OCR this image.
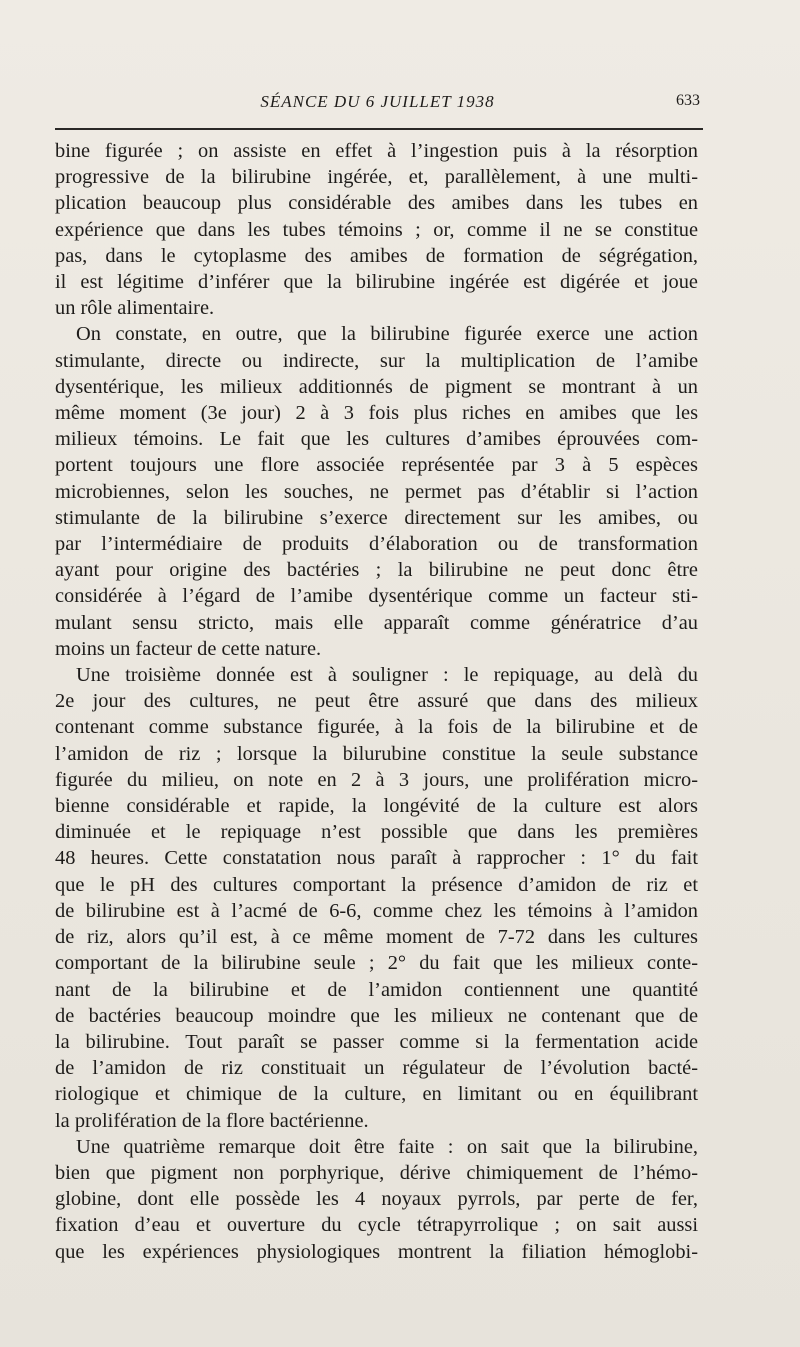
SÉANCE DU 6 JUILLET 1938	633
bine figurée ; on assiste en effet à l’ingestion puis à la résorption
progressive de la bilirubine ingérée, et, parallèlement, à une multi-
plication beaucoup plus considérable des amibes dans les tubes en
expérience que dans les tubes témoins ; or, comme il ne se constitue
pas, dans le cytoplasme des amibes de formation de ségrégation,
il est légitime d’inférer que la bilirubine ingérée est digérée et joue
un rôle alimentaire.
On constate, en outre, que la bilirubine figurée exerce une action
stimulante, directe ou indirecte, sur la multiplication de l’amibe
dysentérique, les milieux additionnés de pigment se montrant à un
même moment (3e jour) 2 à 3 fois plus riches en amibes que les
milieux témoins. Le fait que les cultures d’amibes éprouvées com-
portent toujours une flore associée représentée par 3 à 5 espèces
microbiennes, selon les souches, ne permet pas d’établir si l’action
stimulante de la bilirubine s’exerce directement sur les amibes, ou
par l’intermédiaire de produits d’élaboration ou de transformation
ayant pour origine des bactéries ; la bilirubine ne peut donc être
considérée à l’égard de l’amibe dysentérique comme un facteur sti-
mulant sensu stricto, mais elle apparaît comme génératrice d’au
moins un facteur de cette nature.
Une troisième donnée est à souligner : le repiquage, au delà du
2e jour des cultures, ne peut être assuré que dans des milieux
contenant comme substance figurée, à la fois de la bilirubine et de
l’amidon de riz ; lorsque la bilurubine constitue la seule substance
figurée du milieu, on note en 2 à 3 jours, une prolifération micro-
bienne considérable et rapide, la longévité de la culture est alors
diminuée et le repiquage n’est possible que dans les premières
48 heures. Cette constatation nous paraît à rapprocher : 1° du fait
que le pH des cultures comportant la présence d’amidon de riz et
de bilirubine est à l’acmé de 6-6, comme chez les témoins à l’amidon
de riz, alors qu’il est, à ce même moment de 7-72 dans les cultures
comportant de la bilirubine seule ; 2° du fait que les milieux conte-
nant de la bilirubine et de l’amidon contiennent une quantité
de bactéries beaucoup moindre que les milieux ne contenant que de
la bilirubine. Tout paraît se passer comme si la fermentation acide
de l’amidon de riz constituait un régulateur de l’évolution bacté-
riologique et chimique de la culture, en limitant ou en équilibrant
la prolifération de la flore bactérienne.
Une quatrième remarque doit être faite : on sait que la bilirubine,
bien que pigment non porphyrique, dérive chimiquement de l’hémo-
globine, dont elle possède les 4 noyaux pyrrols, par perte de fer,
fixation d’eau et ouverture du cycle tétrapyrrolique ; on sait aussi
que les expériences physiologiques montrent la filiation hémoglobi-
